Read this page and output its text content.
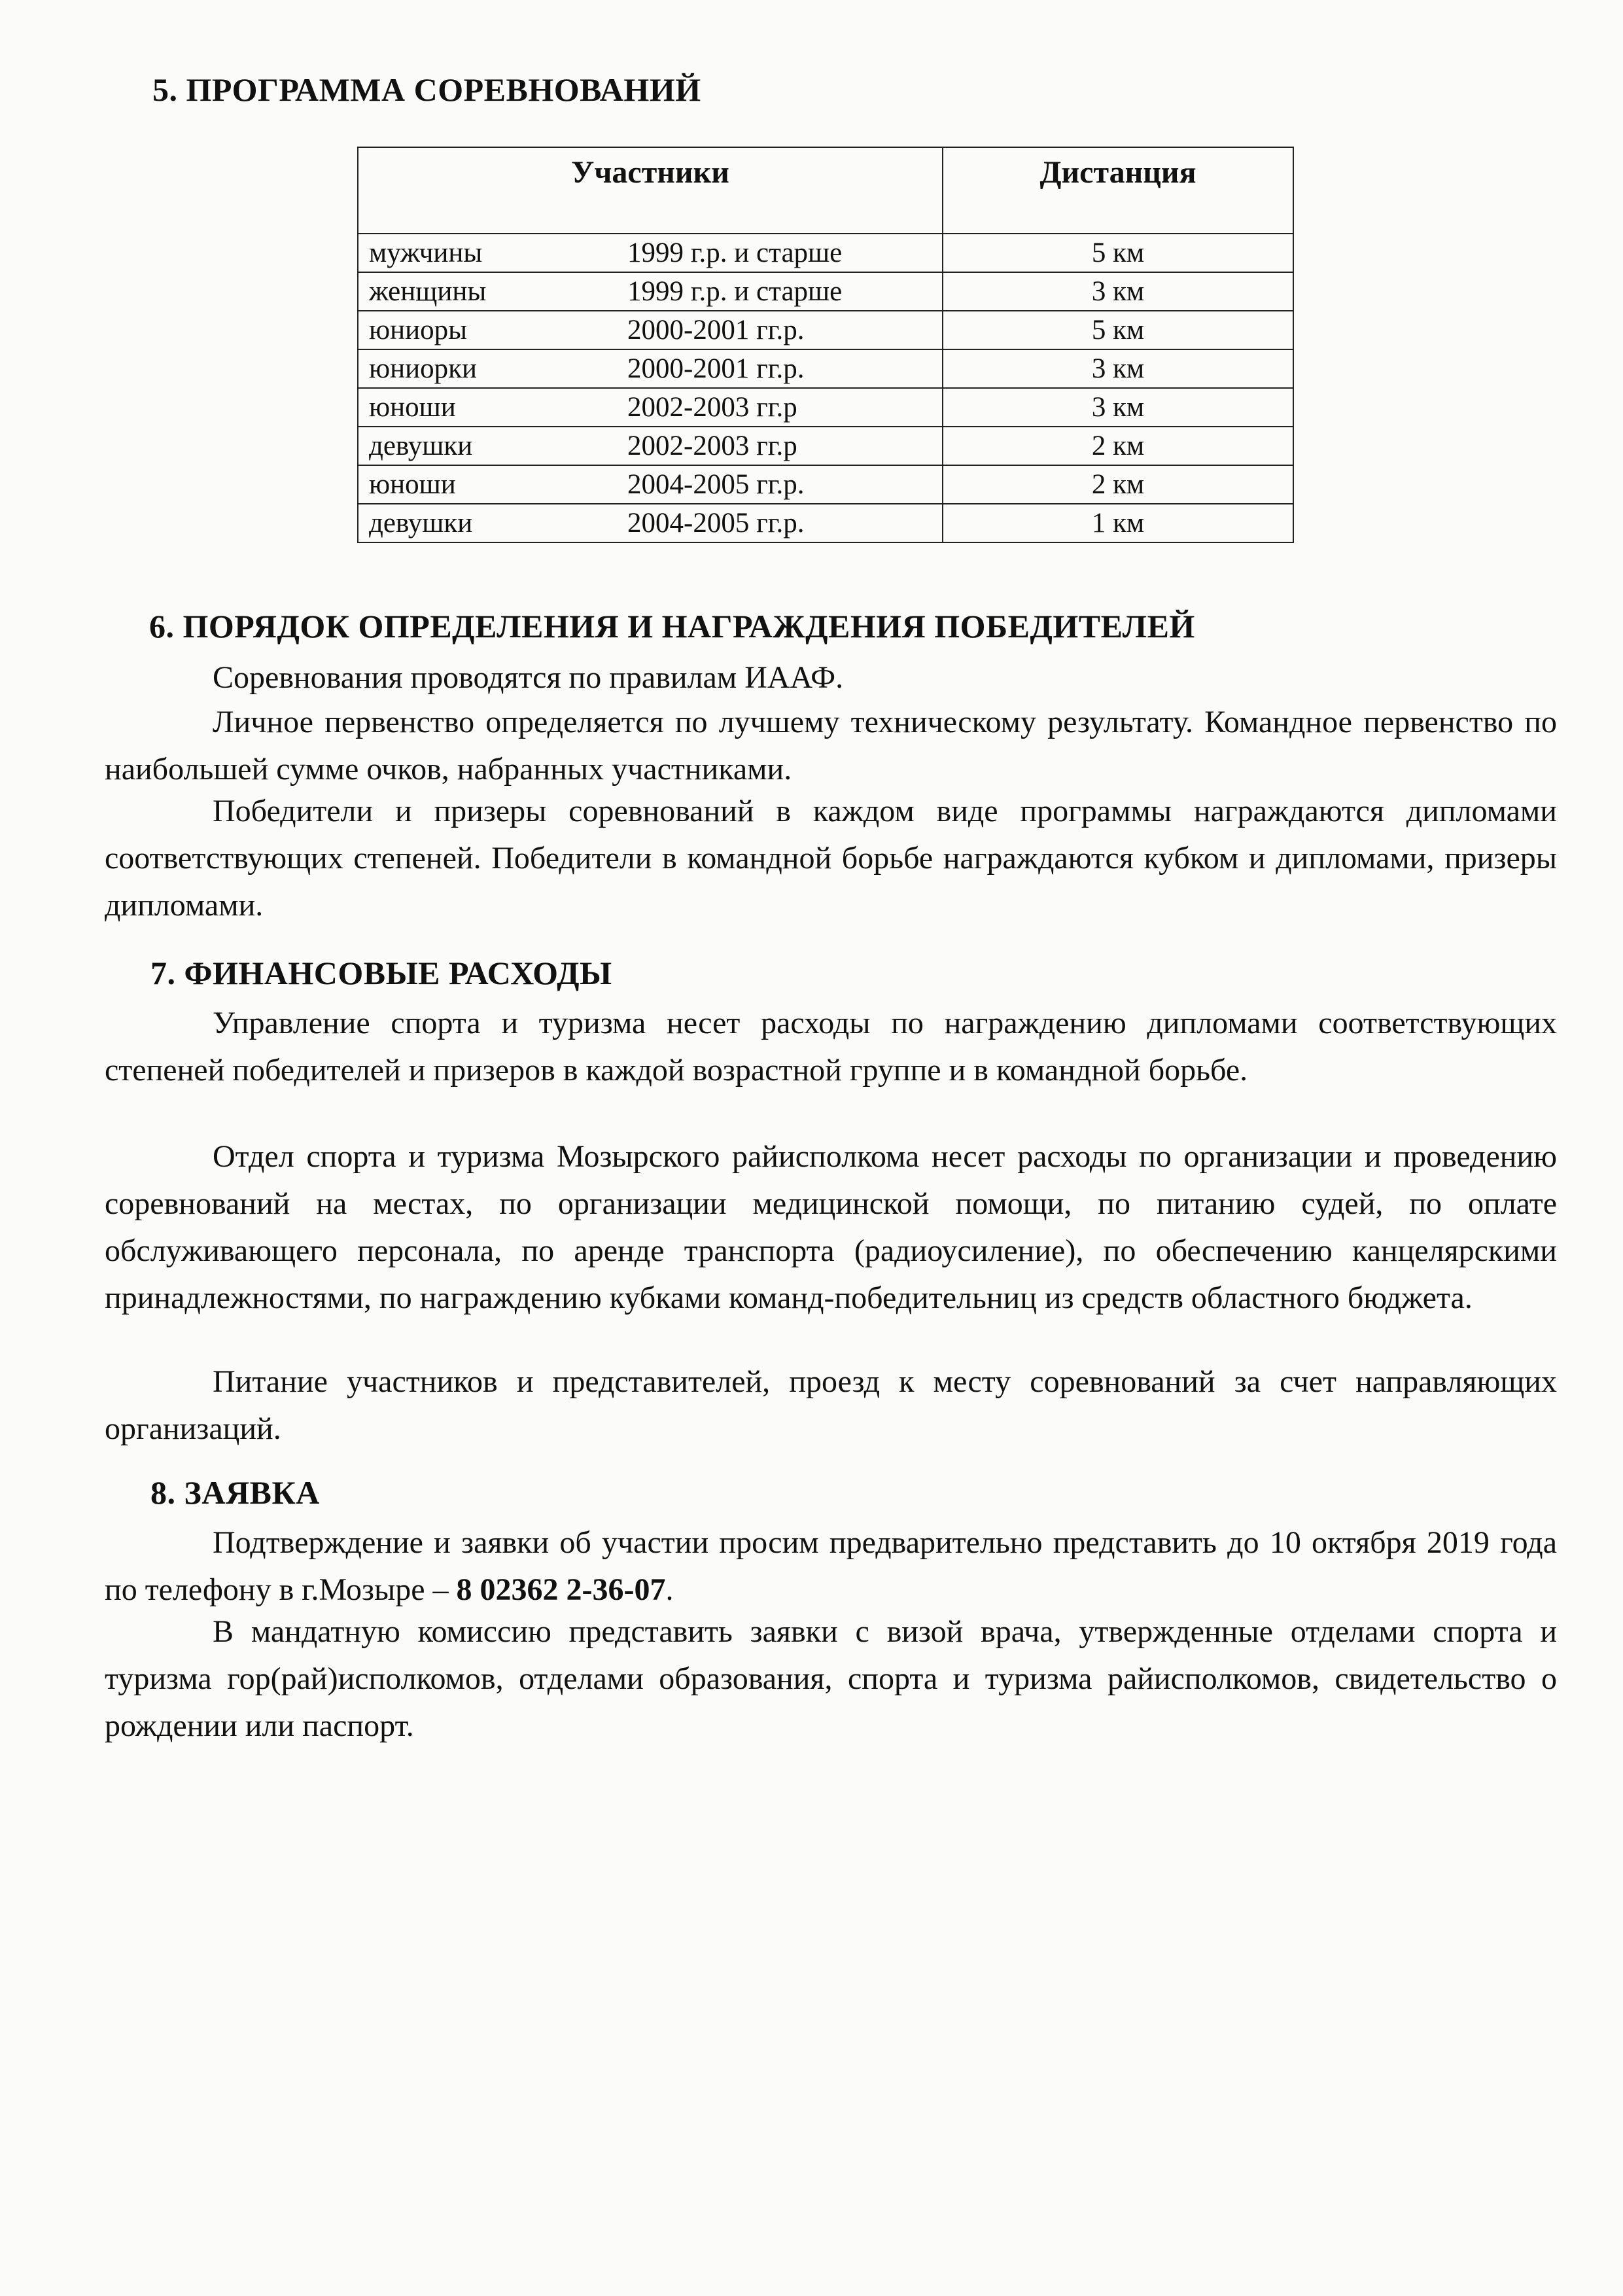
5. ПРОГРАММА СОРЕВНОВАНИЙ
Участники	Дистанция
мужчины 1999 г.р. и старше	5 км
женщины 1999 г.р. и старше	3 км
юниоры 2000-2001 гг.р.	5 км
юниорки 2000-2001 гг.р.	3 км
юноши 2002-2003 гг.р	3 км
девушки 2002-2003 гг.р	2 км
юноши 2004-2005 гг.р.	2 км
девушки 2004-2005 гг.р.	1 км
6. ПОРЯДОК ОПРЕДЕЛЕНИЯ И НАГРАЖДЕНИЯ ПОБЕДИТЕЛЕЙ
Соревнования проводятся по правилам ИААФ.
Личное первенство определяется по лучшему техническому результату. Командное первенство по наибольшей сумме очков, набранных участниками.
Победители и призеры соревнований в каждом виде программы награждаются дипломами соответствующих степеней. Победители в командной борьбе награждаются кубком и дипломами, призеры дипломами.
7. ФИНАНСОВЫЕ РАСХОДЫ
Управление спорта и туризма несет расходы по награждению дипломами соответствующих степеней победителей и призеров в каждой возрастной группе и в командной борьбе.
Отдел спорта и туризма Мозырского райисполкома несет расходы по организации и проведению соревнований на местах, по организации медицинской помощи, по питанию судей, по оплате обслуживающего персонала, по аренде транспорта (радиоусиление), по обеспечению канцелярскими принадлежностями, по награждению кубками команд-победительниц из средств областного бюджета.
Питание участников и представителей, проезд к месту соревнований за счет направляющих организаций.
8. ЗАЯВКА
Подтверждение и заявки об участии просим предварительно представить до 10 октября 2019 года по телефону в г.Мозыре – 8 02362 2-36-07.
В мандатную комиссию представить заявки с визой врача, утвержденные отделами спорта и туризма гор(рай)исполкомов, отделами образования, спорта и туризма райисполкомов, свидетельство о рождении или паспорт.
